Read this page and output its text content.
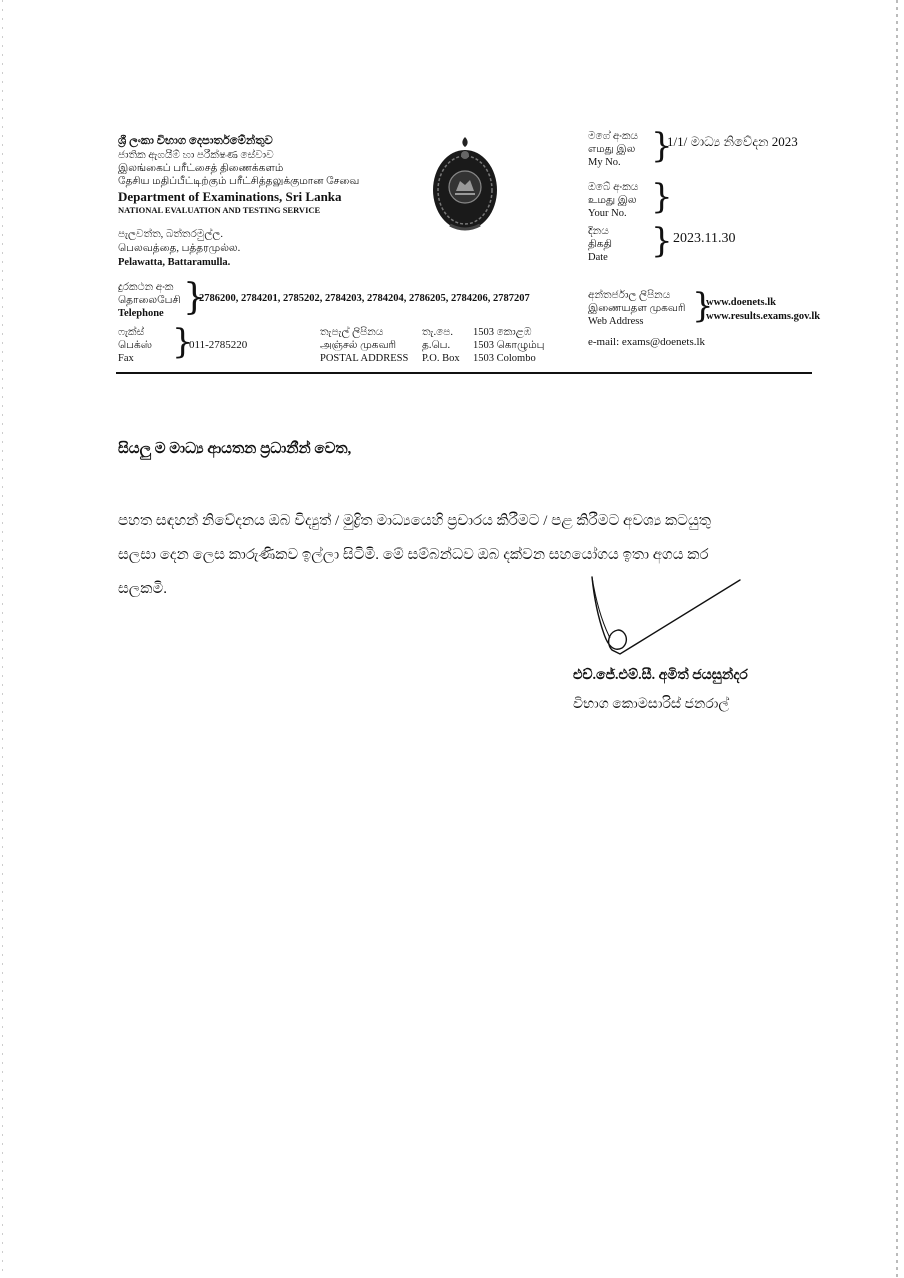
ශ්‍රී ලංකා විභාග දෙපාර්තමේන්තුව
ජාතික ඇගයීම් හා පරීක්ෂණ සේවාව
இலங்கைப் பரீட்சைத் திணைக்களம்
தேசிய மதிப்பீட்டிற்கும் பரீட்சித்தலுக்குமான சேவை
Department of Examinations, Sri Lanka
NATIONAL EVALUATION AND TESTING SERVICE
පැලවත්ත, බත්තරමුල්ල.
பெலவத்தை, பத்தரமுல்ல.
Pelawatta, Battaramulla.
මගේ අංකය
எமது இல
My No. }
1/1/ මාධ්‍ය නිවේදන 2023
ඔබේ අංකය
உமது இல
Your No. }
දිනය
திகதி
Date } 2023.11.30
දුරකථන අංක
தொலைபேசி
Telephone }
2786200, 2784201, 2785202, 2784203, 2784204, 2786205, 2784206, 2787207	අන්තර්ජාල ලිපිනය
இணையதள முகவரி
Web Address }
www.doenets.lk
www.results.exams.gov.lk
e-mail: exams@doenets.lk
ෆැක්ස්
பெக்ஸ்
Fax }
011-2785220
තැපැල් ලිපිනය
அஞ்சல் முகவரி
POSTAL ADDRESS
තැ.පෙ.
த.பெ.
P.O. Box
1503 කොළඹ
1503 கொழும்பு
1503 Colombo
සියලු ම මාධ්‍ය ආයතන ප්‍රධානීන් වෙත,
පහත සඳහන් නිවේදනය ඔබ විද්‍යුත් / මුද්‍රිත මාධ්‍යයෙහි ප්‍රචාරය කිරීමට / පළ කිරීමට අවශ්‍ය කටයුතු
සලසා දෙන ලෙස කාරුණිකව ඉල්ලා සිටිමි. මේ සම්බන්ධව ඔබ දක්වන සහයෝගය ඉතා අගය කර
සලකමි.
එච්.ජේ.එම්.සී. අමිත් ජයසුන්දර
විභාග කොමසාරිස් ජනරාල්
